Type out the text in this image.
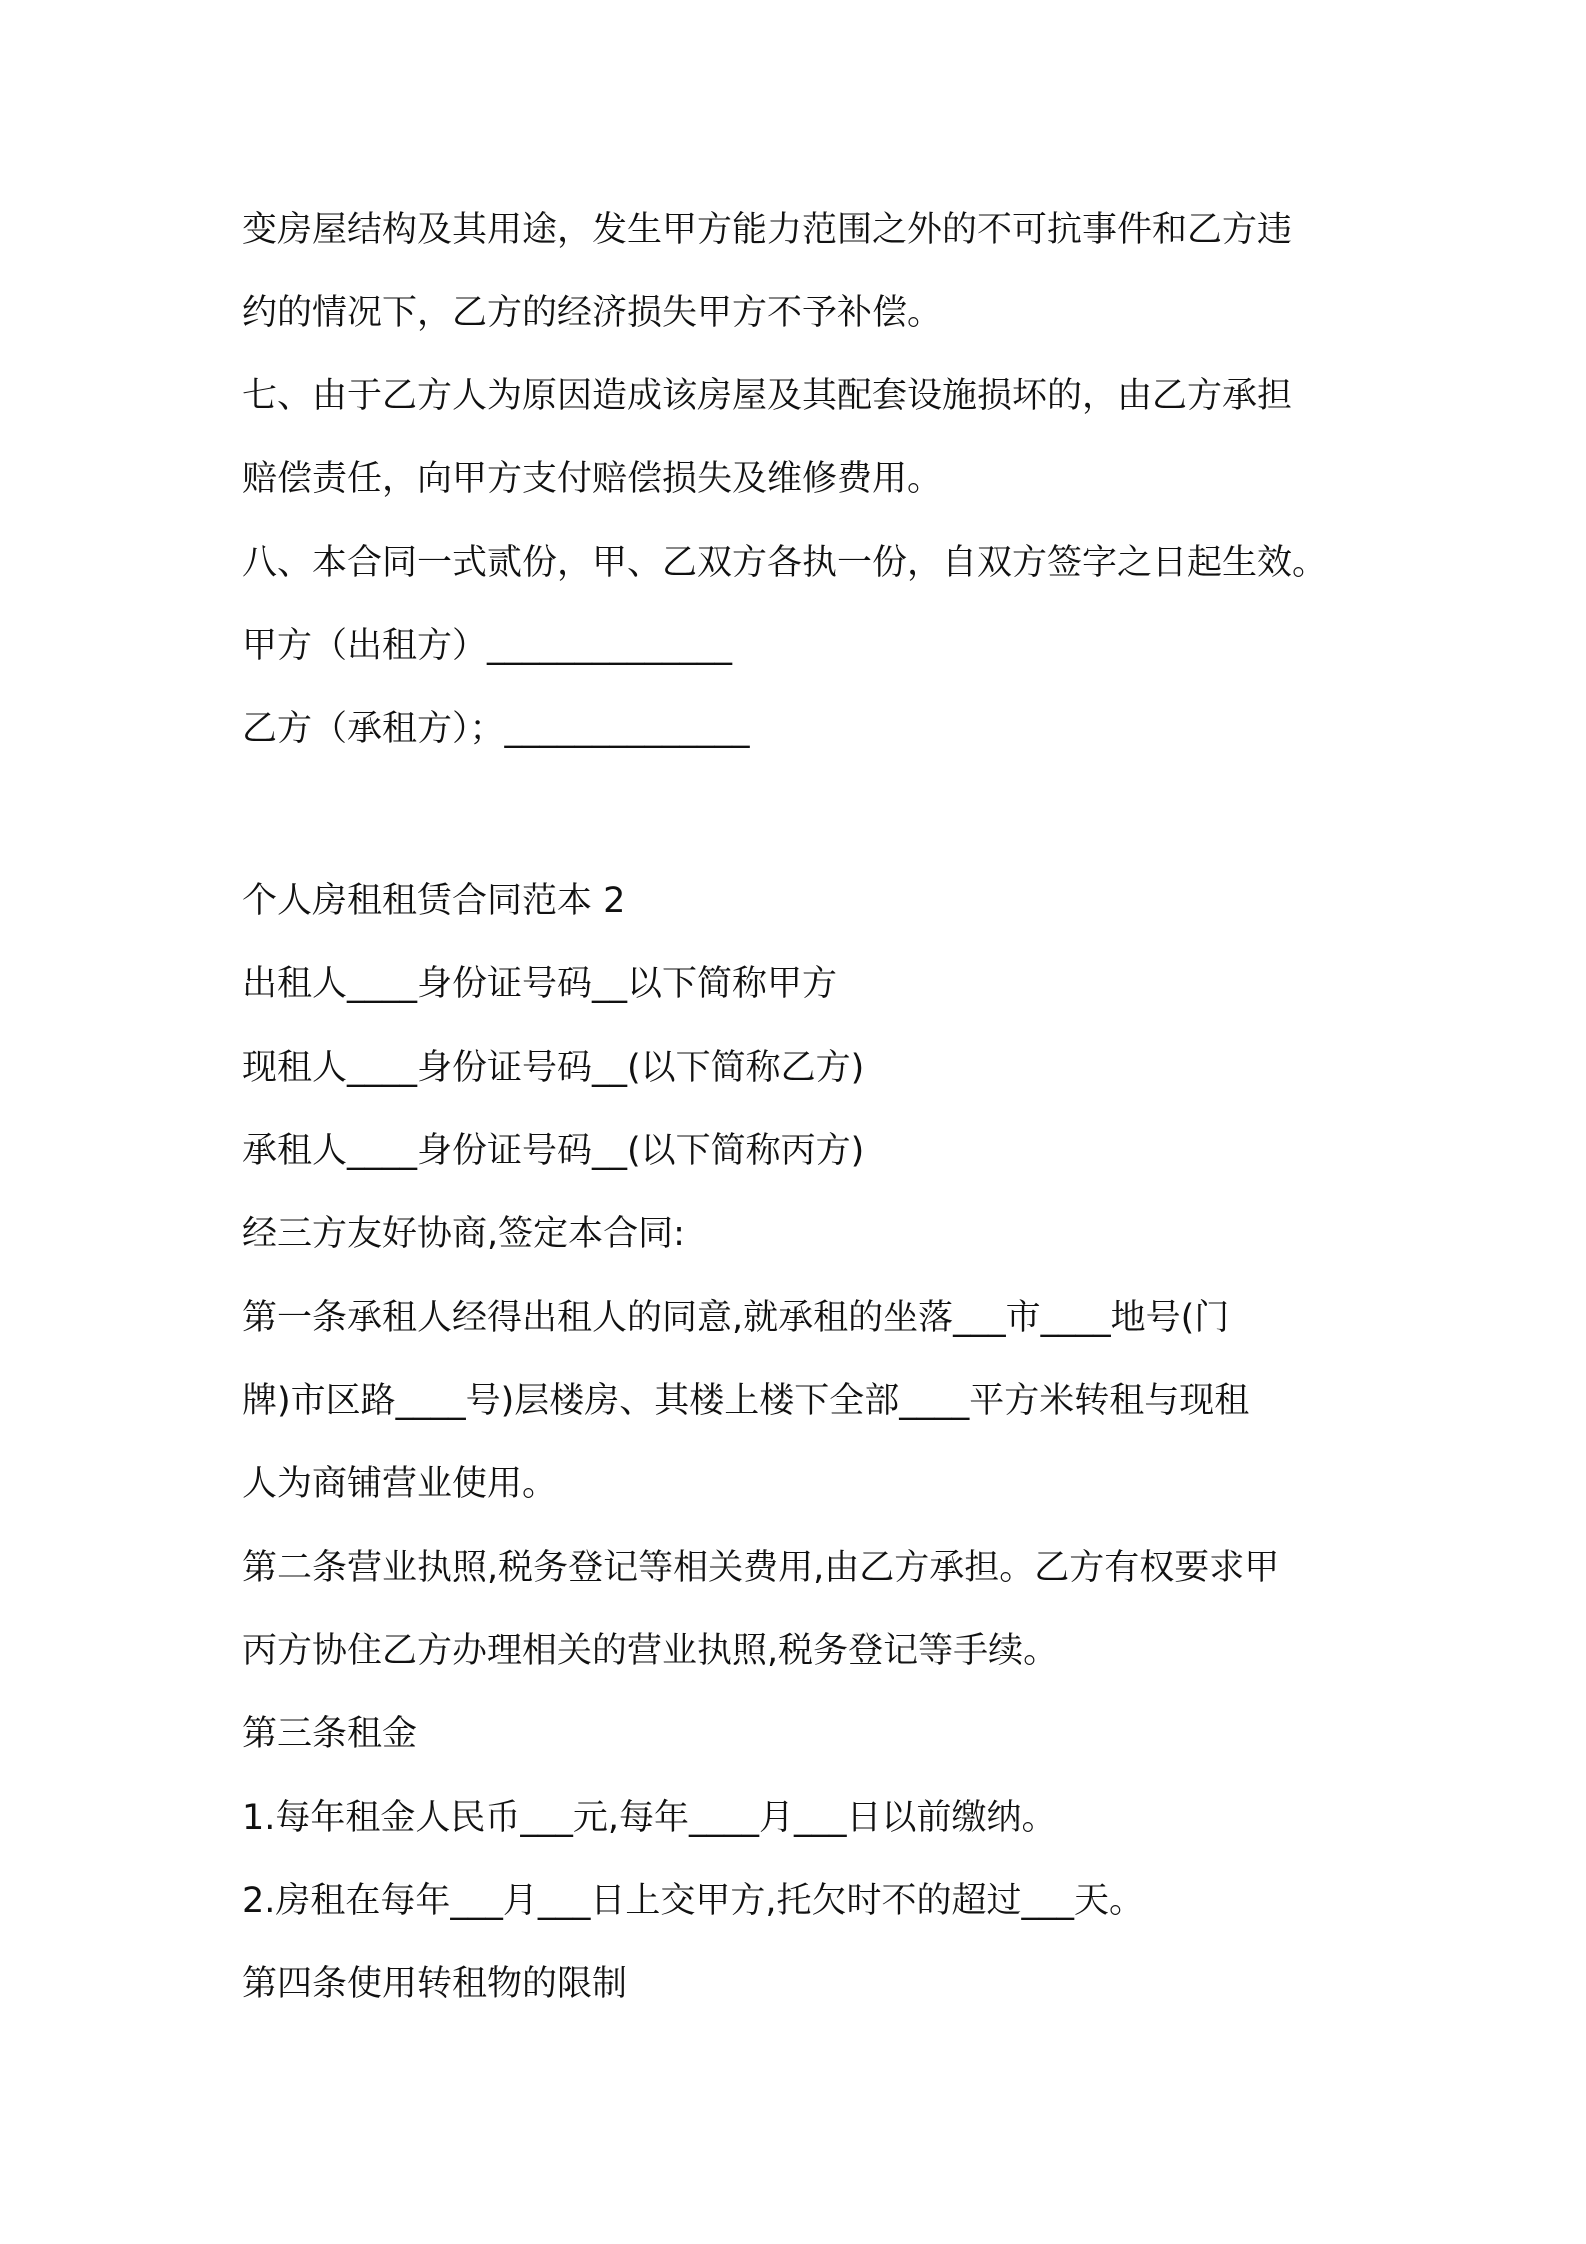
变房屋结构及其用途，发生甲方能力范围之外的不可抗事件和乙方违
约的情况下，乙方的经济损失甲方不予补偿。
七、由于乙方人为原因造成该房屋及其配套设施损坏的，由乙方承担
赔偿责任，向甲方支付赔偿损失及维修费用。
八、本合同一式贰份，甲、乙双方各执一份，自双方签字之日起生效。
甲方（出租方）______________
乙方（承租方）；______________
个人房租租赁合同范本 2
出租人____身份证号码__以下简称甲方
现租人____身份证号码__(以下简称乙方)
承租人____身份证号码__(以下简称丙方)
经三方友好协商,签定本合同:
第一条承租人经得出租人的同意,就承租的坐落___市____地号(门
牌)市区路____号)层楼房、其楼上楼下全部____平方米转租与现租
人为商铺营业使用。
第二条营业执照,税务登记等相关费用,由乙方承担。乙方有权要求甲
丙方协住乙方办理相关的营业执照,税务登记等手续。
第三条租金
1.每年租金人民币___元,每年____月___日以前缴纳。
2.房租在每年___月___日上交甲方,托欠时不的超过___天。
第四条使用转租物的限制
